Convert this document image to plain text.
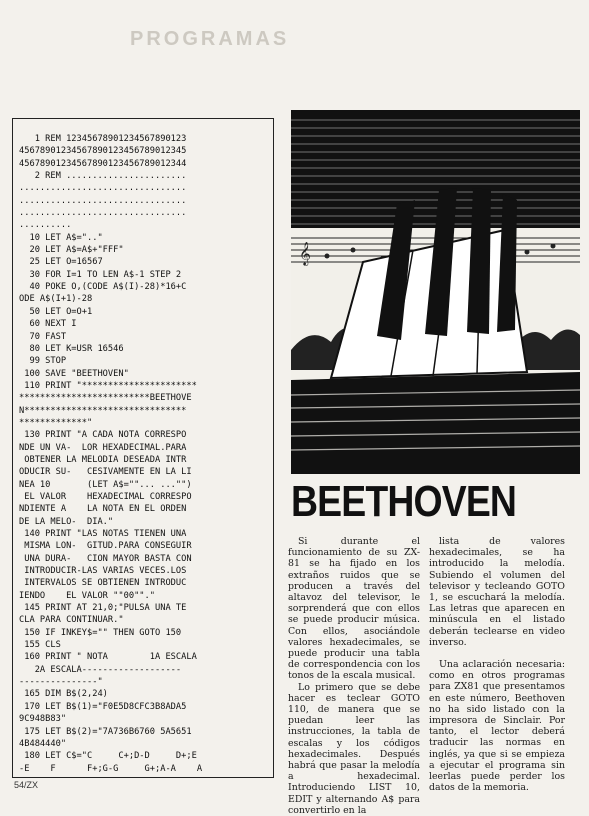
PROGRAMAS
1 REM 12345678901234567890123
45678901234567890123456789012345
45678901234567890123456789012344
2 REM .......................
................................
................................
................................
..........
10 LET A$=".."
20 LET A$=A$+"FFF"
25 LET O=16567
30 FOR I=1 TO LEN A$-1 STEP 2
40 POKE O,(CODE A$(I)-28)*16+C
ODE A$(I+1)-28
50 LET O=O+1
60 NEXT I
70 FAST
80 LET K=USR 16546
99 STOP
100 SAVE "BEETHOVEN"
110 PRINT "**********************
*************************BEETHOVE
N*******************************
*************"
130 PRINT "A CADA NOTA CORRESPO
NDE UN VA-  LOR HEXADECIMAL.PARA
OBTENER LA MELODIA DESEADA INTR
ODUCIR SU-   CESIVAMENTE EN LA LI
NEA 10       (LET A$=""... ..."")
EL VALOR    HEXADECIMAL CORRESPO
NDIENTE A    LA NOTA EN EL ORDEN
DE LA MELO-  DIA."
140 PRINT "LAS NOTAS TIENEN UNA
MISMA LON-  GITUD.PARA CONSEGUIR
UNA DURA-   CION MAYOR BASTA CON
INTRODUCIR-LAS VARIAS VECES.LOS
INTERVALOS SE OBTIENEN INTRODUC
IENDO    EL VALOR ""00""."
145 PRINT AT 21,0;"PULSA UNA TE
CLA PARA CONTINUAR."
150 IF INKEY$="" THEN GOTO 150
155 CLS
160 PRINT " NOTA        1A ESCALA
2A ESCALA-------------------
---------------"
165 DIM B$(2,24)
170 LET B$(1)="F0E5D8CFC3B8ADA5
9C948B83"
175 LET B$(2)="7A736B6760 5A5651
4B484440"
180 LET C$="C     C+;D-D     D+;E
-E    F      F+;G-G     G+;A-A    A
𝄞
BEETHOVEN

Si durante el funcionamiento de su ZX-81 se ha fijado en los extraños ruidos que se producen a través del altavoz del televisor, le sorprenderá que con ellos se puede producir música. Con ellos, asociándole valores hexadecimales, se puede producir una tabla de correspondencia con los tonos de la escala musical.

Lo primero que se debe hacer es teclear GOTO 110, de manera que se puedan leer las instrucciones, la tabla de escalas y los códigos hexadecimales. Después habrá que pasar la melodía a hexadecimal. Introduciendo LIST 10, EDIT y alternando A$ para convertirlo en la

lista de valores hexadecimales, se ha introducido la melodía. Subiendo el volumen del televisor y tecleando GOTO 1, se escuchará la melodía. Las letras que aparecen en minúscula en el listado deberán teclearse en video inverso.

Una aclaración necesaria: como en otros programas para ZX81 que presentamos en este número, Beethoven no ha sido listado con la impresora de Sinclair. Por tanto, el lector deberá traducir las normas en inglés, ya que si se empieza a ejecutar el programa sin leerlas puede perder los datos de la memoria.

54/ZX
